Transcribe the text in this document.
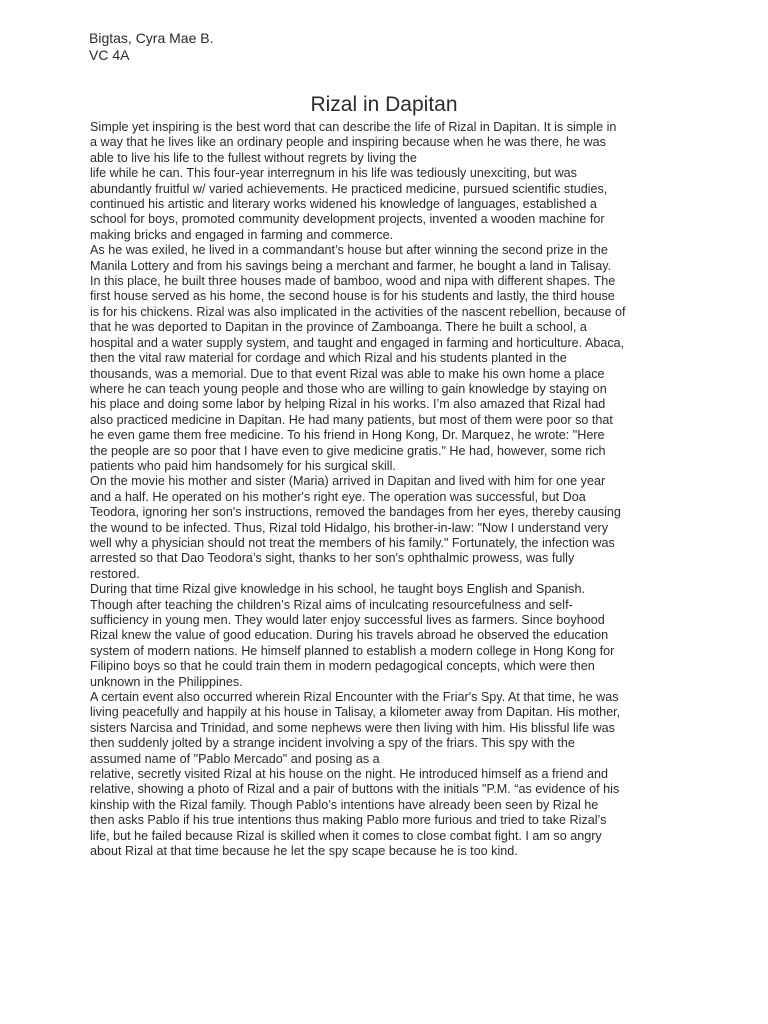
Bigtas, Cyra Mae B.
VC 4A
Rizal in Dapitan
Simple yet inspiring is the best word that can describe the life of Rizal in Dapitan. It is simple in
a way that he lives like an ordinary people and inspiring because when he was there, he was
able to live his life to the fullest without regrets by living the
life while he can. This four-year interregnum in his life was tediously unexciting, but was
abundantly fruitful w/ varied achievements. He practiced medicine, pursued scientific studies,
continued his artistic and literary works widened his knowledge of languages, established a
school for boys, promoted community development projects, invented a wooden machine for
making bricks and engaged in farming and commerce.
As he was exiled, he lived in a commandant’s house but after winning the second prize in the
Manila Lottery and from his savings being a merchant and farmer, he bought a land in Talisay.
In this place, he built three houses made of bamboo, wood and nipa with different shapes. The
first house served as his home, the second house is for his students and lastly, the third house
is for his chickens. Rizal was also implicated in the activities of the nascent rebellion, because of
that he was deported to Dapitan in the province of Zamboanga. There he built a school, a
hospital and a water supply system, and taught and engaged in farming and horticulture. Abaca,
then the vital raw material for cordage and which Rizal and his students planted in the
thousands, was a memorial. Due to that event Rizal was able to make his own home a place
where he can teach young people and those who are willing to gain knowledge by staying on
his place and doing some labor by helping Rizal in his works. I’m also amazed that Rizal had
also practiced medicine in Dapitan. He had many patients, but most of them were poor so that
he even game them free medicine. To his friend in Hong Kong, Dr. Marquez, he wrote: "Here
the people are so poor that I have even to give medicine gratis." He had, however, some rich
patients who paid him handsomely for his surgical skill.
On the movie his mother and sister (Maria) arrived in Dapitan and lived with him for one year
and a half. He operated on his mother's right eye. The operation was successful, but Doa
Teodora, ignoring her son's instructions, removed the bandages from her eyes, thereby causing
the wound to be infected. Thus, Rizal told Hidalgo, his brother-in-law: "Now I understand very
well why a physician should not treat the members of his family." Fortunately, the infection was
arrested so that Dao Teodora’s sight, thanks to her son's ophthalmic prowess, was fully
restored.
During that time Rizal give knowledge in his school, he taught boys English and Spanish.
Though after teaching the children’s Rizal aims of inculcating resourcefulness and self-
sufficiency in young men. They would later enjoy successful lives as farmers. Since boyhood
Rizal knew the value of good education. During his travels abroad he observed the education
system of modern nations. He himself planned to establish a modern college in Hong Kong for
Filipino boys so that he could train them in modern pedagogical concepts, which were then
unknown in the Philippines.
A certain event also occurred wherein Rizal Encounter with the Friar's Spy. At that time, he was
living peacefully and happily at his house in Talisay, a kilometer away from Dapitan. His mother,
sisters Narcisa and Trinidad, and some nephews were then living with him. His blissful life was
then suddenly jolted by a strange incident involving a spy of the friars. This spy with the
assumed name of "Pablo Mercado" and posing as a
relative, secretly visited Rizal at his house on the night. He introduced himself as a friend and
relative, showing a photo of Rizal and a pair of buttons with the initials "P.M. “as evidence of his
kinship with the Rizal family. Though Pablo’s intentions have already been seen by Rizal he
then asks Pablo if his true intentions thus making Pablo more furious and tried to take Rizal’s
life, but he failed because Rizal is skilled when it comes to close combat fight. I am so angry
about Rizal at that time because he let the spy scape because he is too kind.
